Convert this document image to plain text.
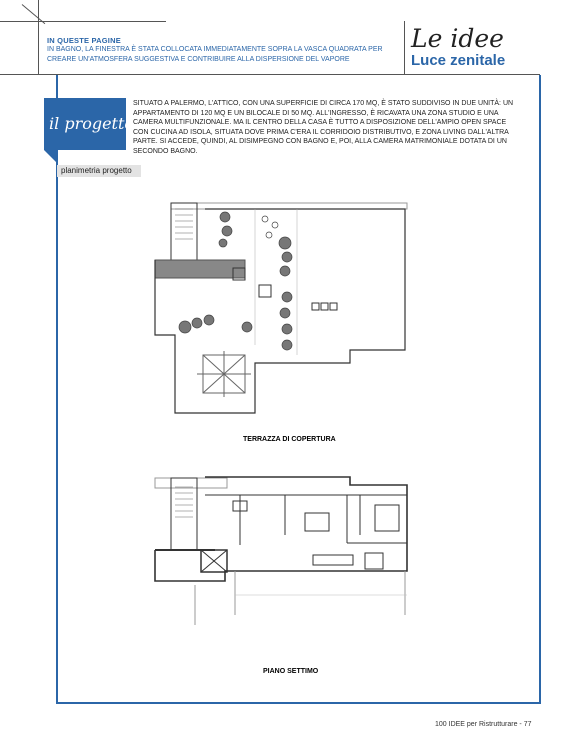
IN QUESTE PAGINE
IN BAGNO, LA FINESTRA È STATA COLLOCATA IMMEDIATAMENTE SOPRA LA VASCA QUADRATA PER CREARE UN'ATMOSFERA SUGGESTIVA E CONTRIBUIRE ALLA DISPERSIONE DEL VAPORE
Le idee
Luce zenitale
il progetto
SITUATO A PALERMO, L'ATTICO, CON UNA SUPERFICIE DI CIRCA 170 MQ, È STATO SUDDIVISO IN DUE UNITÀ: UN APPARTAMENTO DI 120 MQ E UN BILOCALE DI 50 MQ. ALL'INGRESSO, È RICAVATA UNA ZONA STUDIO E UNA CAMERA MULTIFUNZIONALE. MA IL CENTRO DELLA CASA È TUTTO A DISPOSIZIONE DELL'AMPIO OPEN SPACE CON CUCINA AD ISOLA, SITUATA DOVE PRIMA C'ERA IL CORRIDOIO DISTRIBUTIVO, E ZONA LIVING DALL'ALTRA PARTE. SI ACCEDE, QUINDI, AL DISIMPEGNO CON BAGNO E, POI, ALLA CAMERA MATRIMONIALE DOTATA DI UN SECONDO BAGNO.
planimetria progetto
TERRAZZA DI COPERTURA
PIANO SETTIMO
100 IDEE per Ristrutturare - 77
